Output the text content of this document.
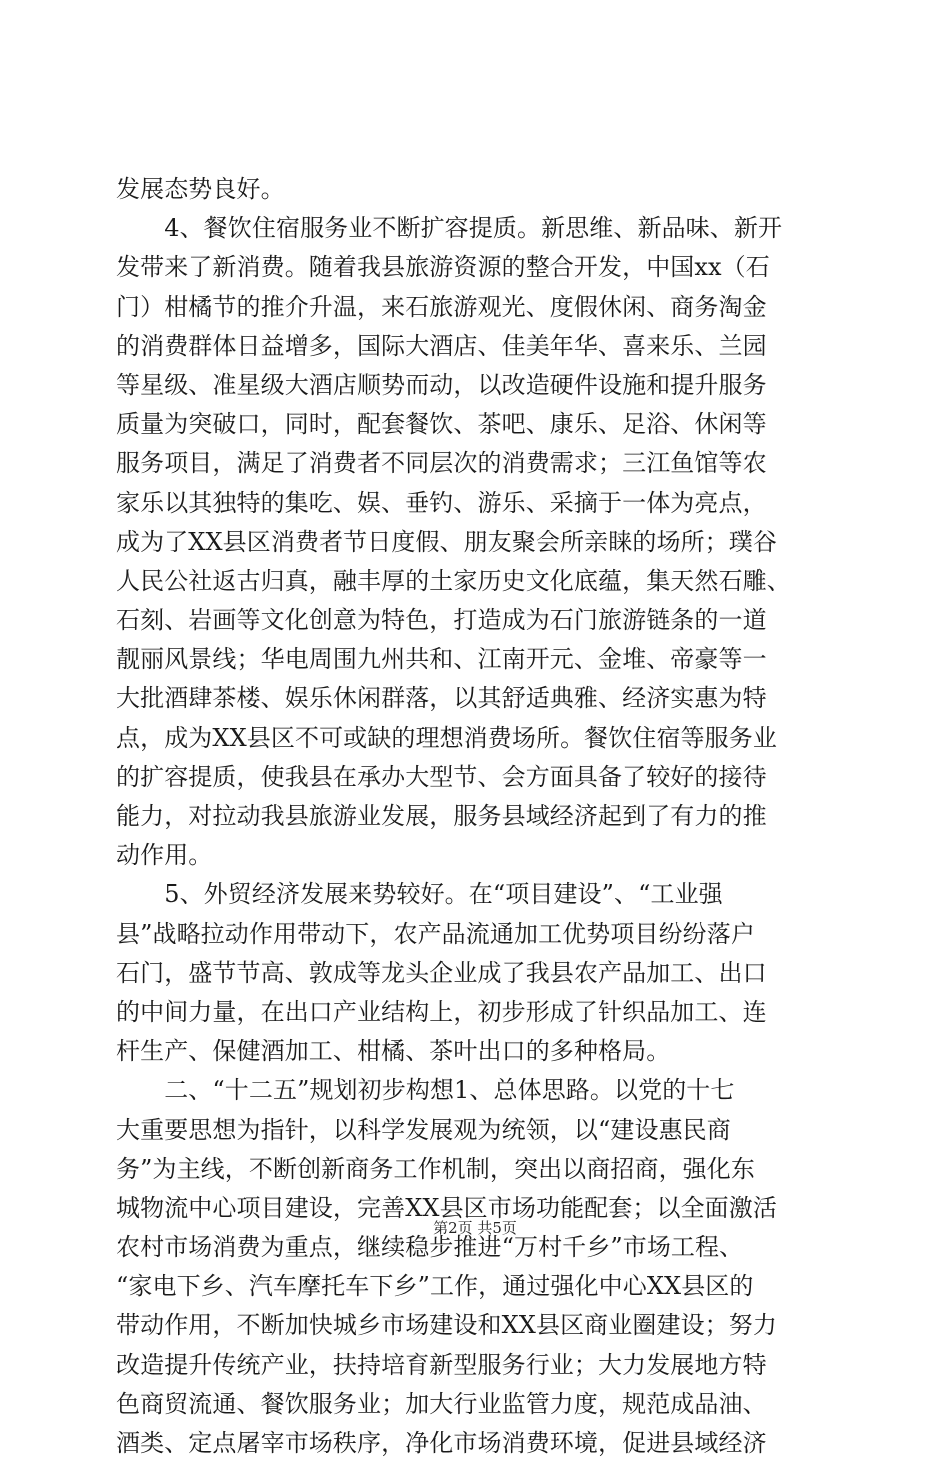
发展态势良好。
　　4、餐饮住宿服务业不断扩容提质。新思维、新品味、新开
发带来了新消费。随着我县旅游资源的整合开发，中国xx（石
门）柑橘节的推介升温，来石旅游观光、度假休闲、商务淘金
的消费群体日益增多，国际大酒店、佳美年华、喜来乐、兰园
等星级、准星级大酒店顺势而动，以改造硬件设施和提升服务
质量为突破口，同时，配套餐饮、茶吧、康乐、足浴、休闲等
服务项目，满足了消费者不同层次的消费需求；三江鱼馆等农
家乐以其独特的集吃、娱、垂钓、游乐、采摘于一体为亮点，
成为了XX县区消费者节日度假、朋友聚会所亲睐的场所；璞谷
人民公社返古归真，融丰厚的土家历史文化底蕴，集天然石雕、
石刻、岩画等文化创意为特色，打造成为石门旅游链条的一道
靓丽风景线；华电周围九州共和、江南开元、金堆、帝豪等一
大批酒肆茶楼、娱乐休闲群落，以其舒适典雅、经济实惠为特
点，成为XX县区不可或缺的理想消费场所。餐饮住宿等服务业
的扩容提质，使我县在承办大型节、会方面具备了较好的接待
能力，对拉动我县旅游业发展，服务县域经济起到了有力的推
动作用。
　　5、外贸经济发展来势较好。在“项目建设”、“工业强
县”战略拉动作用带动下，农产品流通加工优势项目纷纷落户
石门，盛节节高、敦成等龙头企业成了我县农产品加工、出口
的中间力量，在出口产业结构上，初步形成了针织品加工、连
杆生产、保健酒加工、柑橘、茶叶出口的多种格局。
　　二、“十二五”规划初步构想1、总体思路。以党的十七
大重要思想为指针，以科学发展观为统领，以“建设惠民商
务”为主线，不断创新商务工作机制，突出以商招商，强化东
城物流中心项目建设，完善XX县区市场功能配套；以全面激活
农村市场消费为重点，继续稳步推进“万村千乡”市场工程、
“家电下乡、汽车摩托车下乡”工作，通过强化中心XX县区的
带动作用，不断加快城乡市场建设和XX县区商业圈建设；努力
改造提升传统产业，扶持培育新型服务行业；大力发展地方特
色商贸流通、餐饮服务业；加大行业监管力度，规范成品油、
酒类、定点屠宰市场秩序，净化市场消费环境，促进县域经济
第2页 共5页
